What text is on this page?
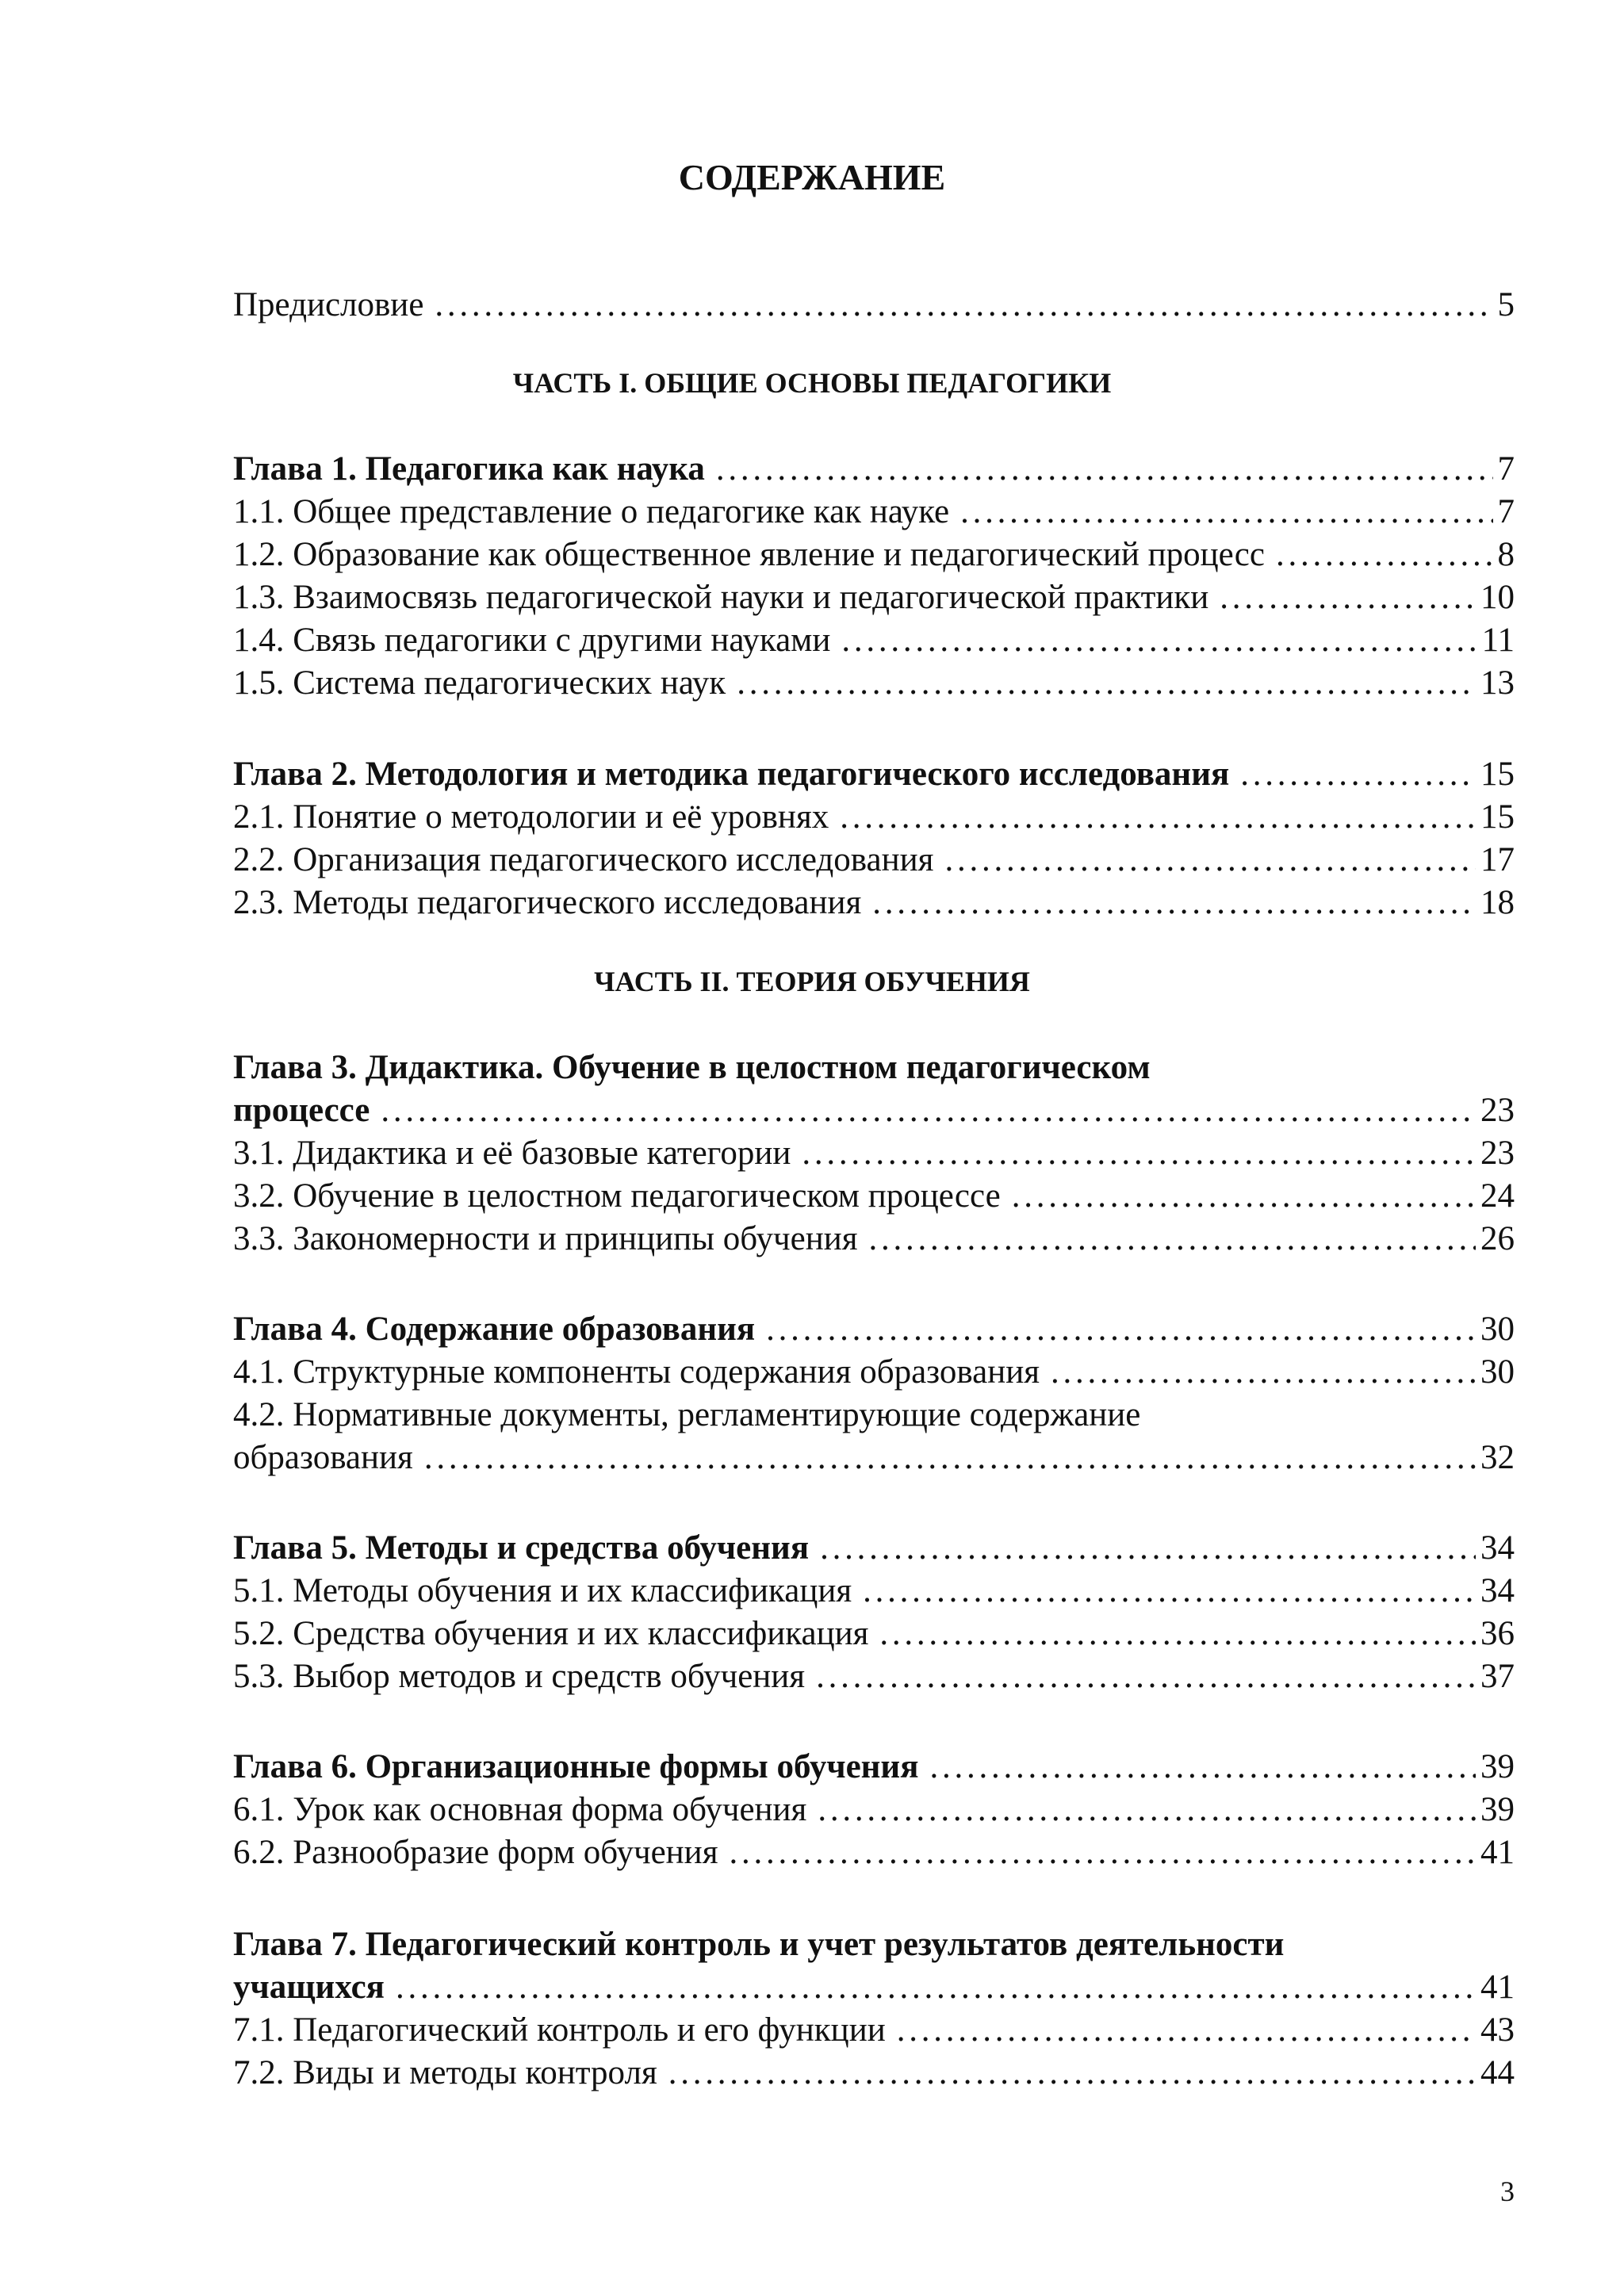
СОДЕРЖАНИЕ
Предисловие	5
. . .
ЧАСТЬ I. ОБЩИЕ ОСНОВЫ ПЕДАГОГИКИ
Глава 1. Педагогика как наука	7
. . .
1.1. Общее представление о педагогике как науке	7
. . .
1.2. Образование как общественное явление и педагогический процесс	8
. . .
1.3. Взаимосвязь педагогической науки и педагогической практики	10
. . .
1.4. Связь педагогики с другими науками	11
. . .
1.5. Система педагогических наук	13
. . .
Глава 2. Методология и методика педагогического исследования	15
. . .
2.1. Понятие о методологии и её уровнях	15
. . .
2.2. Организация педагогического исследования	17
. . .
2.3. Методы педагогического исследования	18
. . .
ЧАСТЬ II. ТЕОРИЯ ОБУЧЕНИЯ
Глава 3. Дидактика. Обучение в целостном педагогическом
процессе	23
. . .
3.1. Дидактика и её базовые категории	23
. . .
3.2. Обучение в целостном педагогическом процессе	24
. . .
3.3. Закономерности и принципы обучения	26
. . .
Глава 4. Содержание образования	30
. . .
4.1. Структурные компоненты содержания образования	30
. . .
4.2. Нормативные документы, регламентирующие содержание
образования	32
. . .
Глава 5. Методы и средства обучения	34
. . .
5.1. Методы обучения и их классификация	34
. . .
5.2. Средства обучения и их классификация	36
. . .
5.3. Выбор методов и средств обучения	37
. . .
Глава 6. Организационные формы обучения	39
. . .
6.1. Урок как основная форма обучения	39
. . .
6.2. Разнообразие форм обучения	41
. . .
Глава 7. Педагогический контроль и учет результатов деятельности
учащихся	41
. . .
7.1. Педагогический контроль и его функции	43
. . .
7.2. Виды и методы контроля	44
. . .
3
